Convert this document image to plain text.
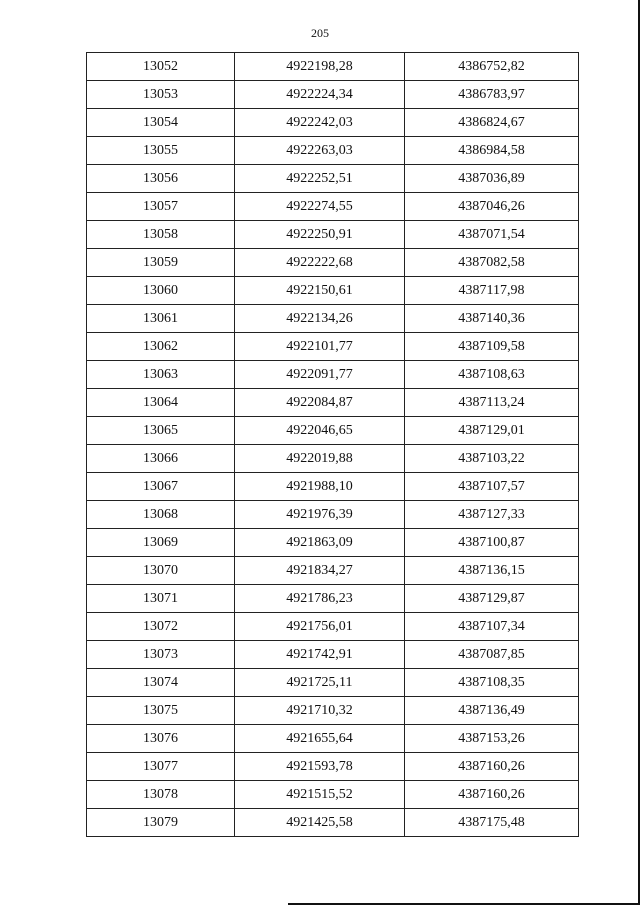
205
13052	4922198,28	4386752,82
13053	4922224,34	4386783,97
13054	4922242,03	4386824,67
13055	4922263,03	4386984,58
13056	4922252,51	4387036,89
13057	4922274,55	4387046,26
13058	4922250,91	4387071,54
13059	4922222,68	4387082,58
13060	4922150,61	4387117,98
13061	4922134,26	4387140,36
13062	4922101,77	4387109,58
13063	4922091,77	4387108,63
13064	4922084,87	4387113,24
13065	4922046,65	4387129,01
13066	4922019,88	4387103,22
13067	4921988,10	4387107,57
13068	4921976,39	4387127,33
13069	4921863,09	4387100,87
13070	4921834,27	4387136,15
13071	4921786,23	4387129,87
13072	4921756,01	4387107,34
13073	4921742,91	4387087,85
13074	4921725,11	4387108,35
13075	4921710,32	4387136,49
13076	4921655,64	4387153,26
13077	4921593,78	4387160,26
13078	4921515,52	4387160,26
13079	4921425,58	4387175,48
